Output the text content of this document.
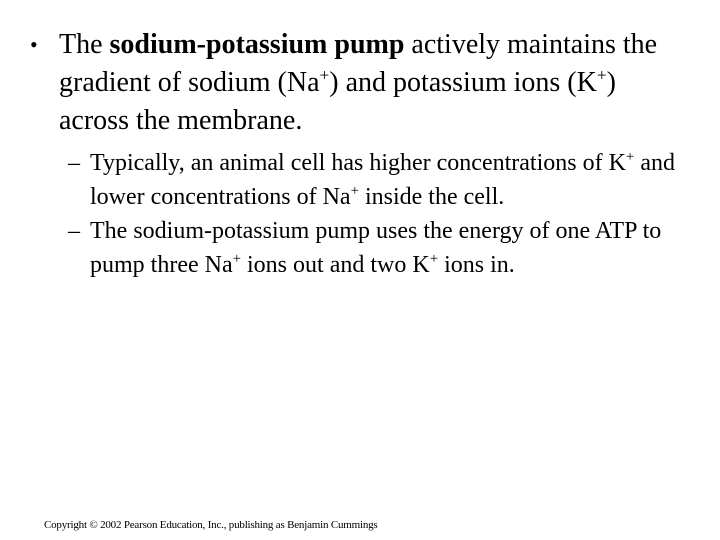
• The sodium-potassium pump actively maintains the gradient of sodium (Na+) and potassium ions (K+) across the membrane.
– Typically, an animal cell has higher concentrations of K+ and lower concentrations of Na+ inside the cell.
– The sodium-potassium pump uses the energy of one ATP to pump three Na+ ions out and two K+ ions in.
Copyright © 2002 Pearson Education, Inc., publishing as Benjamin Cummings
